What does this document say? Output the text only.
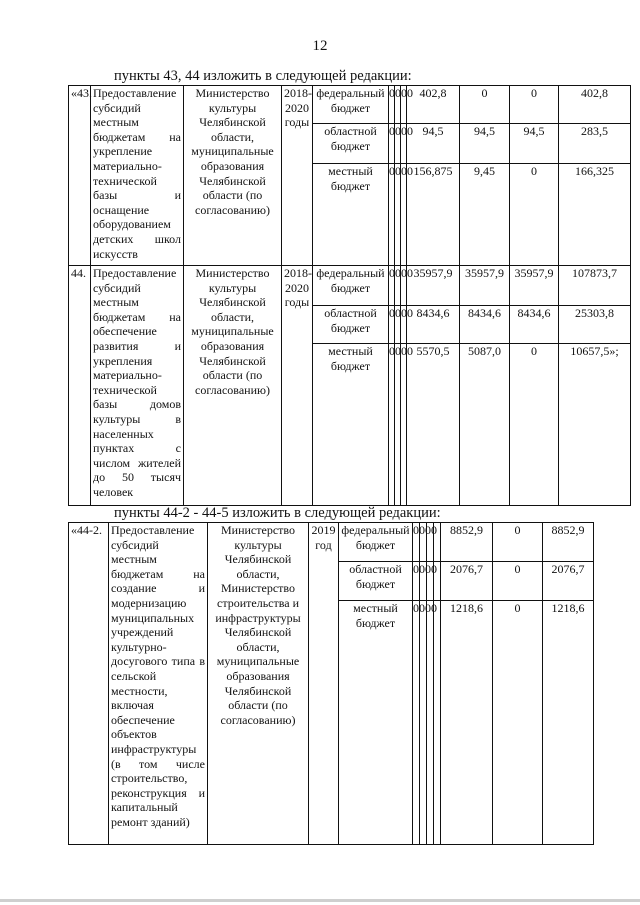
12
пункты 43, 44 изложить в следующей редакции:
«43.	Предоставление субсидий местным бюджетам на укрепление материально-технической базы и оснащение оборудованием детских школ искусств	Министерство культуры Челябинской области, муниципальные образования Челябинской области (по согласованию)	2018-2020 годы	федеральный бюджет	0000			402,8	0	0	402,8
				областной бюджет	0000			94,5	94,5	94,5	283,5
				местный бюджет	0000			156,875	9,45	0	166,325
44.	Предоставление субсидий местным бюджетам на обеспечение развития и укрепления материально-технической базы домов культуры в населенных пунктах с числом жителей до 50 тысяч человек	Министерство культуры Челябинской области, муниципальные образования Челябинской области (по согласованию)	2018-2020 годы	федеральный бюджет	0000			35957,9	35957,9	35957,9	107873,7
				областной бюджет	0000			8434,6	8434,6	8434,6	25303,8
				местный бюджет	0000			5570,5	5087,0	0	10657,5»;
пункты 44-2 - 44-5 изложить в следующей редакции:
«44-2.	Предоставление субсидий местным бюджетам на создание и модернизацию муниципальных учреждений культурно-досугового типа в сельской местности, включая обеспечение объектов инфраструктуры (в том числе строительство, реконструкция и капитальный ремонт зданий)	Министерство культуры Челябинской области, Министерство строительства и инфраструктуры Челябинской области, муниципальные образования Челябинской области (по согласованию)	2019 год	федеральный бюджет	0000				8852,9	0	8852,9
				областной бюджет	0000				2076,7	0	2076,7
				местный бюджет	0000				1218,6	0	1218,6
